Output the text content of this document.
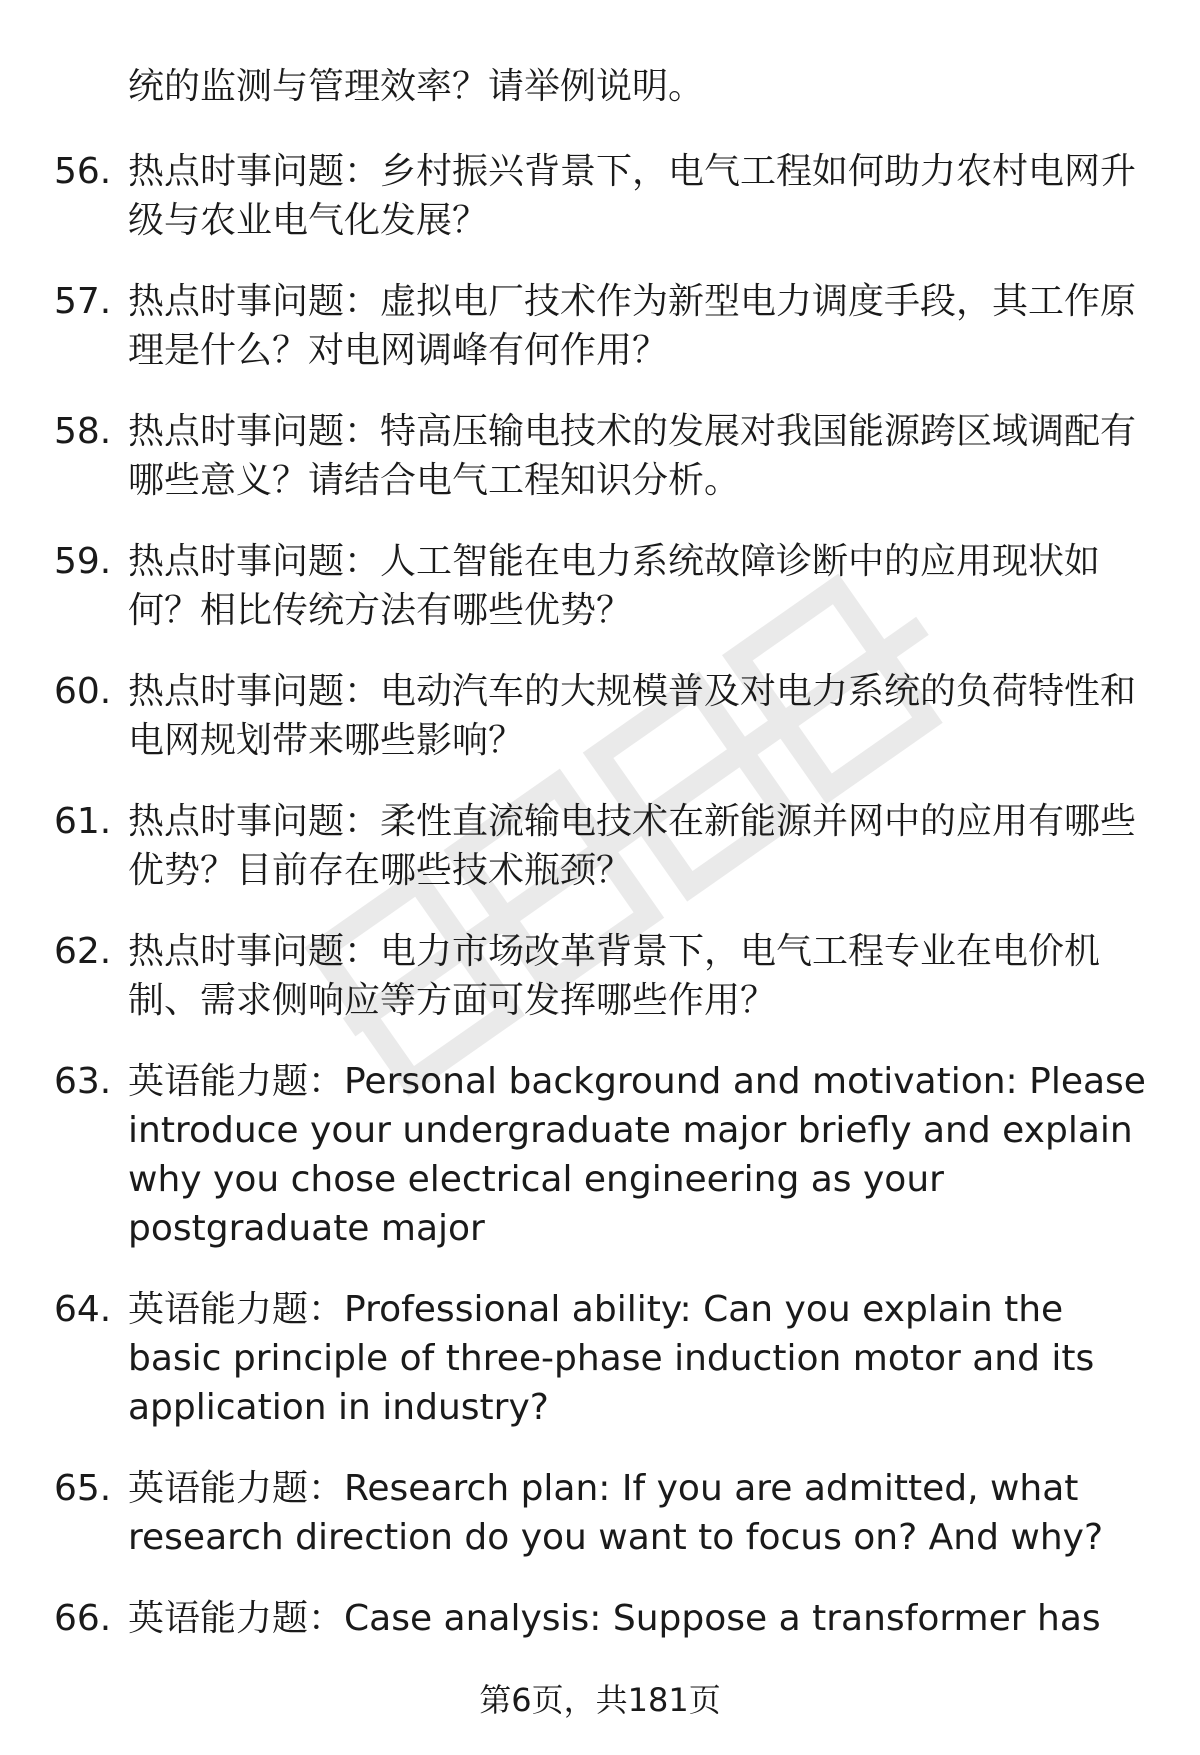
统的监测与管理效率？请举例说明。
56. 热点时事问题：乡村振兴背景下，电气工程如何助力农村电网升级与农业电气化发展？
57. 热点时事问题：虚拟电厂技术作为新型电力调度手段，其工作原理是什么？对电网调峰有何作用？
58. 热点时事问题：特高压输电技术的发展对我国能源跨区域调配有哪些意义？请结合电气工程知识分析。
59. 热点时事问题：人工智能在电力系统故障诊断中的应用现状如何？相比传统方法有哪些优势？
60. 热点时事问题：电动汽车的大规模普及对电力系统的负荷特性和电网规划带来哪些影响？
61. 热点时事问题：柔性直流输电技术在新能源并网中的应用有哪些优势？目前存在哪些技术瓶颈？
62. 热点时事问题：电力市场改革背景下，电气工程专业在电价机制、需求侧响应等方面可发挥哪些作用？
63. 英语能力题：Personal background and motivation: Please introduce your undergraduate major briefly and explain why you chose electrical engineering as your postgraduate major
64. 英语能力题：Professional ability: Can you explain the basic principle of three-phase induction motor and its application in industry?
65. 英语能力题：Research plan: If you are admitted, what research direction do you want to focus on? And why?
66. 英语能力题：Case analysis: Suppose a transformer has
第6页，共181页
